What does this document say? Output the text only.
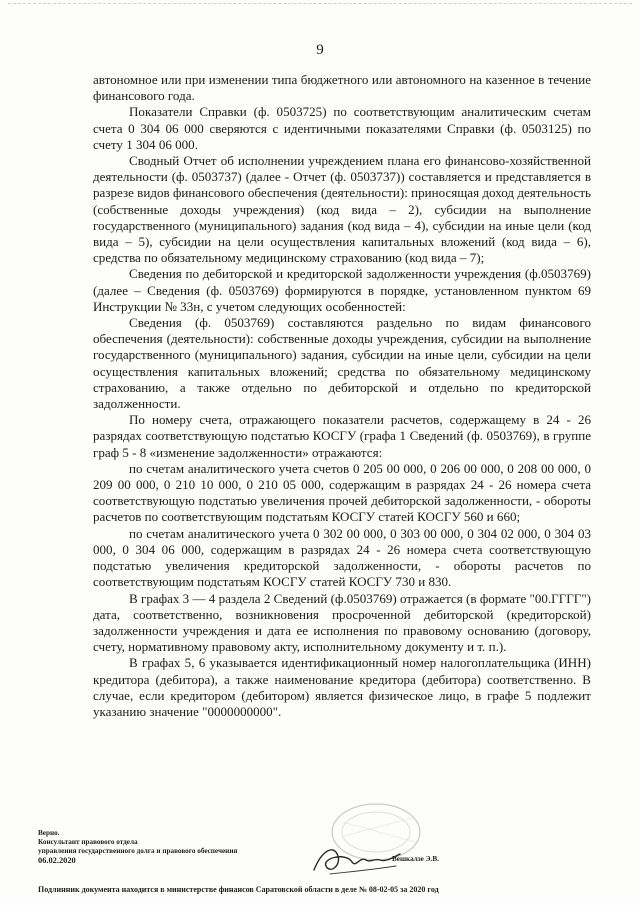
9

автономное или при изменении типа бюджетного или автономного на казенное в течение финансового года.

Показатели Справки (ф. 0503725) по соответствующим аналитическим счетам счета 0 304 06 000 сверяются с идентичными показателями Справки (ф. 0503125) по счету 1 304 06 000.

Сводный Отчет об исполнении учреждением плана его финансово-хозяйственной деятельности (ф. 0503737) (далее - Отчет (ф. 0503737)) составляется и представляется в разрезе видов финансового обеспечения (деятельности): приносящая доход деятельность (собственные доходы учреждения) (код вида – 2), субсидии на выполнение государственного (муниципального) задания (код вида – 4), субсидии на иные цели (код вида – 5), субсидии на цели осуществления капитальных вложений (код вида – 6), средства по обязательному медицинскому страхованию (код вида – 7);

Сведения по дебиторской и кредиторской задолженности учреждения (ф.0503769) (далее – Сведения (ф. 0503769) формируются в порядке, установленном пунктом 69 Инструкции № 33н, с учетом следующих особенностей:

Сведения (ф. 0503769) составляются раздельно по видам финансового обеспечения (деятельности): собственные доходы учреждения, субсидии на выполнение государственного (муниципального) задания, субсидии на иные цели, субсидии на цели осуществления капитальных вложений; средства по обязательному медицинскому страхованию, а также отдельно по дебиторской и отдельно по кредиторской задолженности.

По номеру счета, отражающего показатели расчетов, содержащему в 24 - 26 разрядах соответствующую подстатью КОСГУ (графа 1 Сведений (ф. 0503769), в группе граф 5 - 8 «изменение задолженности» отражаются:

по счетам аналитического учета счетов 0 205 00 000, 0 206 00 000, 0 208 00 000, 0 209 00 000, 0 210 10 000, 0 210 05 000, содержащим в разрядах 24 - 26 номера счета соответствующую подстатью увеличения прочей дебиторской задолженности, - обороты расчетов по соответствующим подстатьям КОСГУ статей КОСГУ 560 и 660;

по счетам аналитического учета 0 302 00 000, 0 303 00 000, 0 304 02 000, 0 304 03 000, 0 304 06 000, содержащим в разрядах 24 - 26 номера счета соответствующую подстатью увеличения кредиторской задолженности, - обороты расчетов по соответствующим подстатьям КОСГУ статей КОСГУ 730 и 830.

В графах 3 — 4 раздела 2 Сведений (ф.0503769) отражается (в формате "00.ГГГГ") дата, соответственно, возникновения просроченной дебиторской (кредиторской) задолженности учреждения и дата ее исполнения по правовому основанию (договору, счету, нормативному правовому акту, исполнительному документу и т. п.).

В графах 5, 6 указывается идентификационный номер налогоплательщика (ИНН) кредитора (дебитора), а также наименование кредитора (дебитора) соответственно. В случае, если кредитором (дебитором) является физическое лицо, в графе 5 подлежит указанию значение "0000000000".

Верно.
Консультант правового отдела
управления государственного долга и правового обеспечения
06.02.2020
Подлинник документа находится в министерстве финансов Саратовской области в деле № 08-02-05 за 2020 год
Вешкалзе Э.В.
